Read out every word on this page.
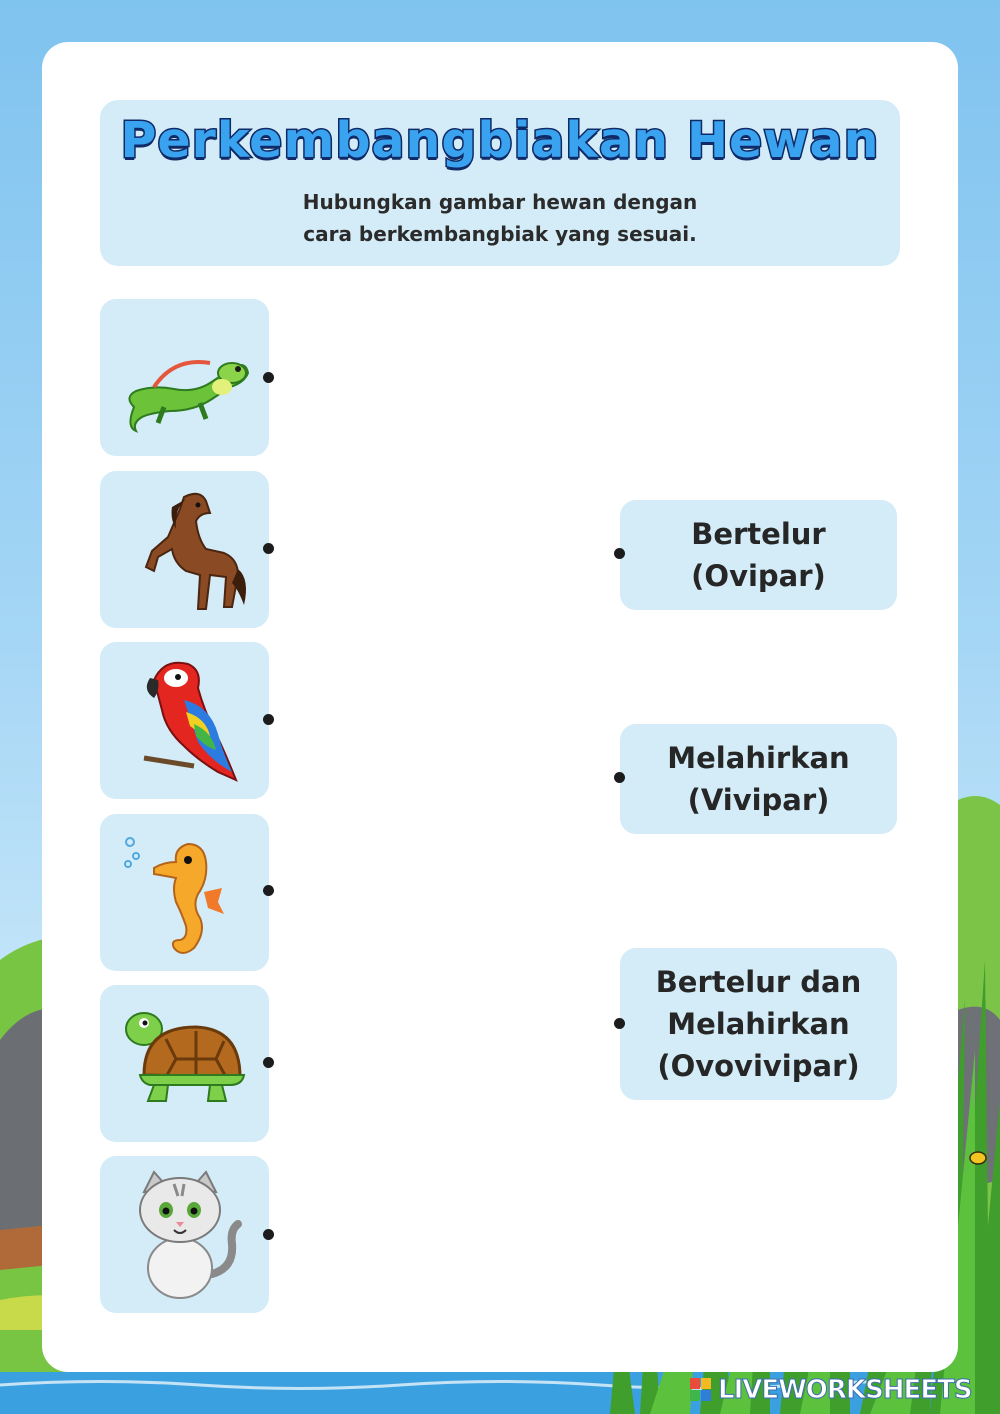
Perkembangbiakan Hewan
Hubungkan gambar hewan dengan cara berkembangbiak yang sesuai.
Bertelur
(Ovipar)
Melahirkan
(Vivipar)
Bertelur dan
Melahirkan
(Ovovivipar)
LIVEWORKSHEETS
